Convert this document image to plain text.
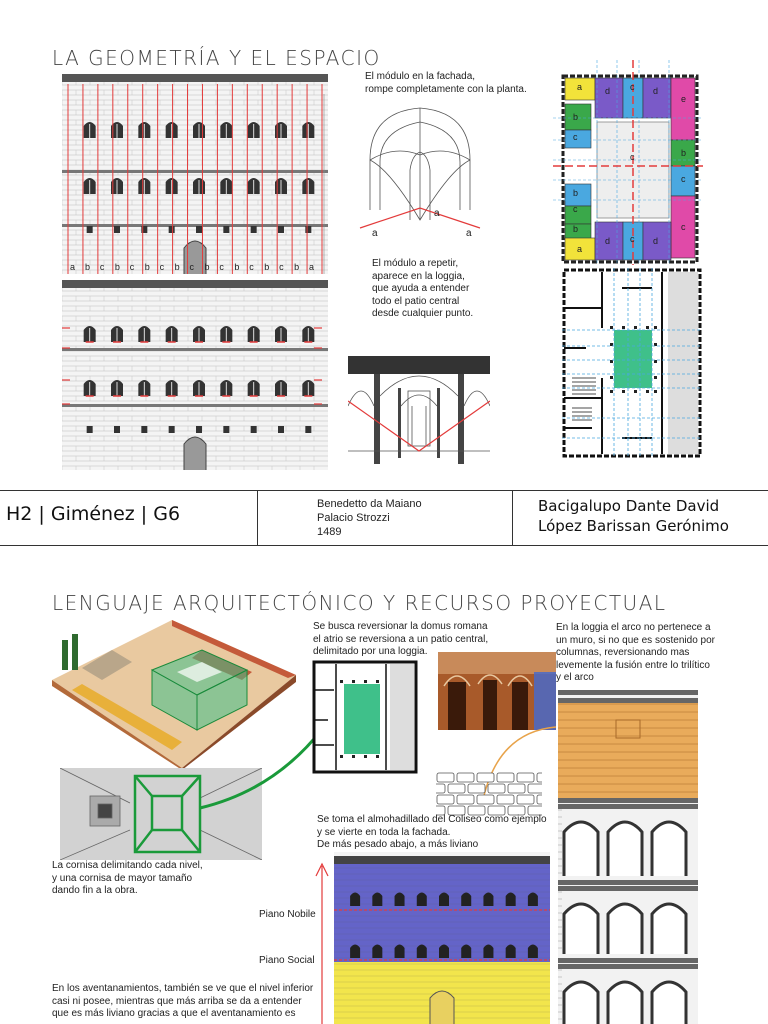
LA GEOMETRÍA Y EL ESPACIO
a b c b c b c b c b c b c b c b a
El módulo en la fachada,
rompe completamente con la planta.
a
a
a
El módulo a repetir,
aparece en la loggia,
que ayuda a entender
todo el patio central
desde cualquier punto.
a	d c d
e
b
c
b
c
b
c
c
b
a
d c d
c
H2 | Giménez | G6	Benedetto da Maiano
Palacio Strozzi
1489
Bacigalupo Dante David
López Barissan Gerónimo
LENGUAJE ARQUITECTÓNICO Y RECURSO PROYECTUAL
Se busca reversionar la domus romana
el atrio se reversiona a un patio central,
delimitado por una loggia.
En la loggia el arco no pertenece a
un muro, si no que es sostenido por
columnas, reversionando mas
levemente la fusión entre lo trilítico
y el arco
Se toma el almohadillado del Coliseo como ejemplo
y se vierte en toda la fachada.
De más pesado abajo, a más liviano
La cornisa delimitando cada nivel,
y una cornisa de mayor tamaño
dando fin a la obra.
Piano Nobile
Piano Social
En los aventanamientos, también se ve que el nivel inferior
casi ni posee, mientras que más arriba se da a entender
que es más liviano gracias a que el aventanamiento es
